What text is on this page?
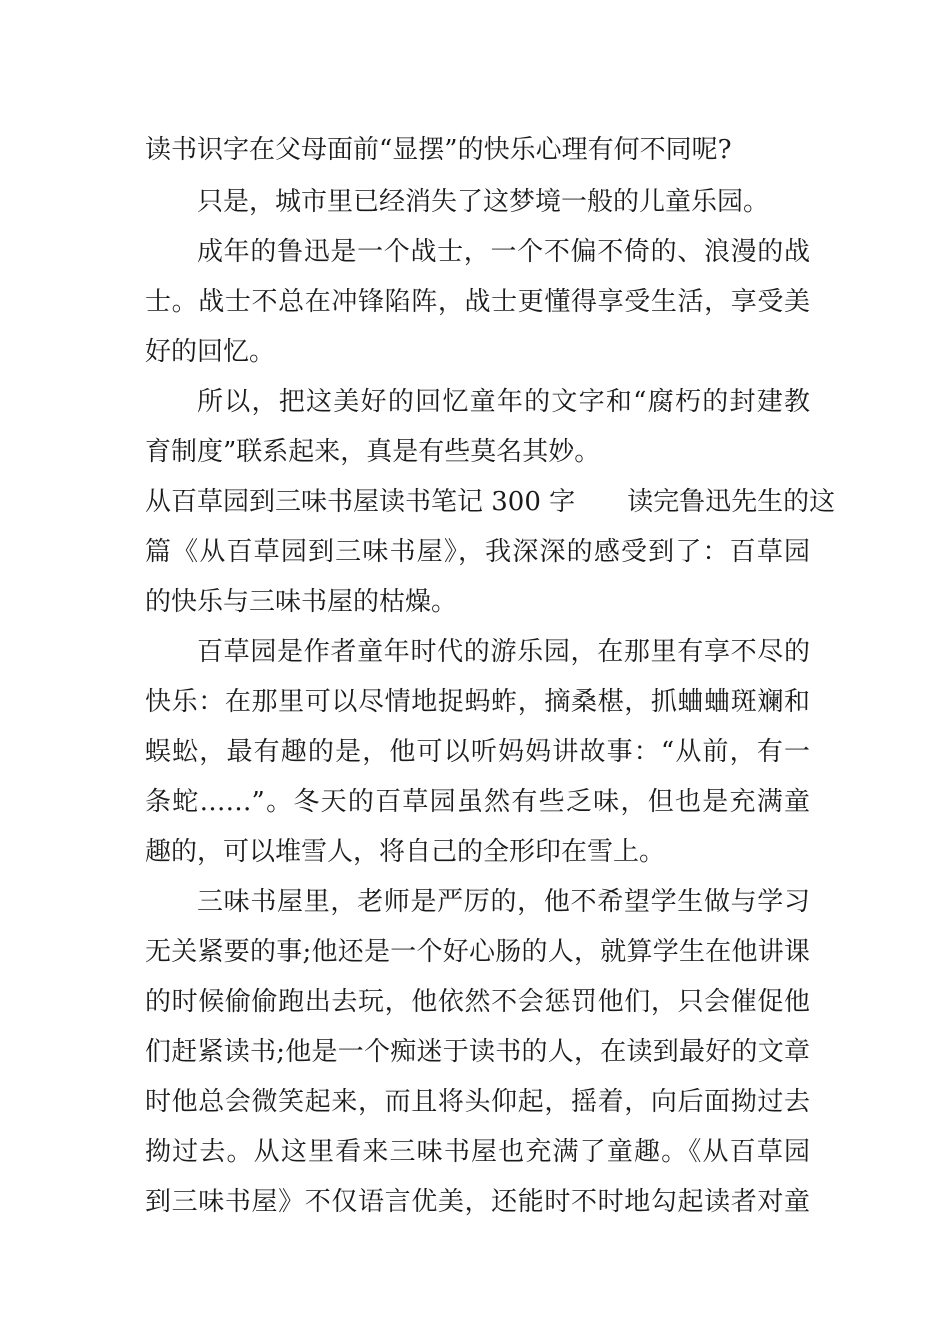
读书识字在父母面前“显摆”的快乐心理有何不同呢?
只是，城市里已经消失了这梦境一般的儿童乐园。
成年的鲁迅是一个战士，一个不偏不倚的、浪漫的战
士。战士不总在冲锋陷阵，战士更懂得享受生活，享受美
好的回忆。
所以，把这美好的回忆童年的文字和“腐朽的封建教
育制度”联系起来，真是有些莫名其妙。
从百草园到三味书屋读书笔记 300 字　　读完鲁迅先生的这
篇《从百草园到三味书屋》，我深深的感受到了：百草园
的快乐与三味书屋的枯燥。
百草园是作者童年时代的游乐园，在那里有享不尽的
快乐：在那里可以尽情地捉蚂蚱，摘桑椹，抓蛐蛐斑斓和
蜈蚣，最有趣的是，他可以听妈妈讲故事：“从前，有一
条蛇……”。冬天的百草园虽然有些乏味，但也是充满童
趣的，可以堆雪人，将自己的全形印在雪上。
三味书屋里，老师是严厉的，他不希望学生做与学习
无关紧要的事;他还是一个好心肠的人，就算学生在他讲课
的时候偷偷跑出去玩，他依然不会惩罚他们，只会催促他
们赶紧读书;他是一个痴迷于读书的人，在读到最好的文章
时他总会微笑起来，而且将头仰起，摇着，向后面拗过去
拗过去。从这里看来三味书屋也充满了童趣。《从百草园
到三味书屋》不仅语言优美，还能时不时地勾起读者对童
